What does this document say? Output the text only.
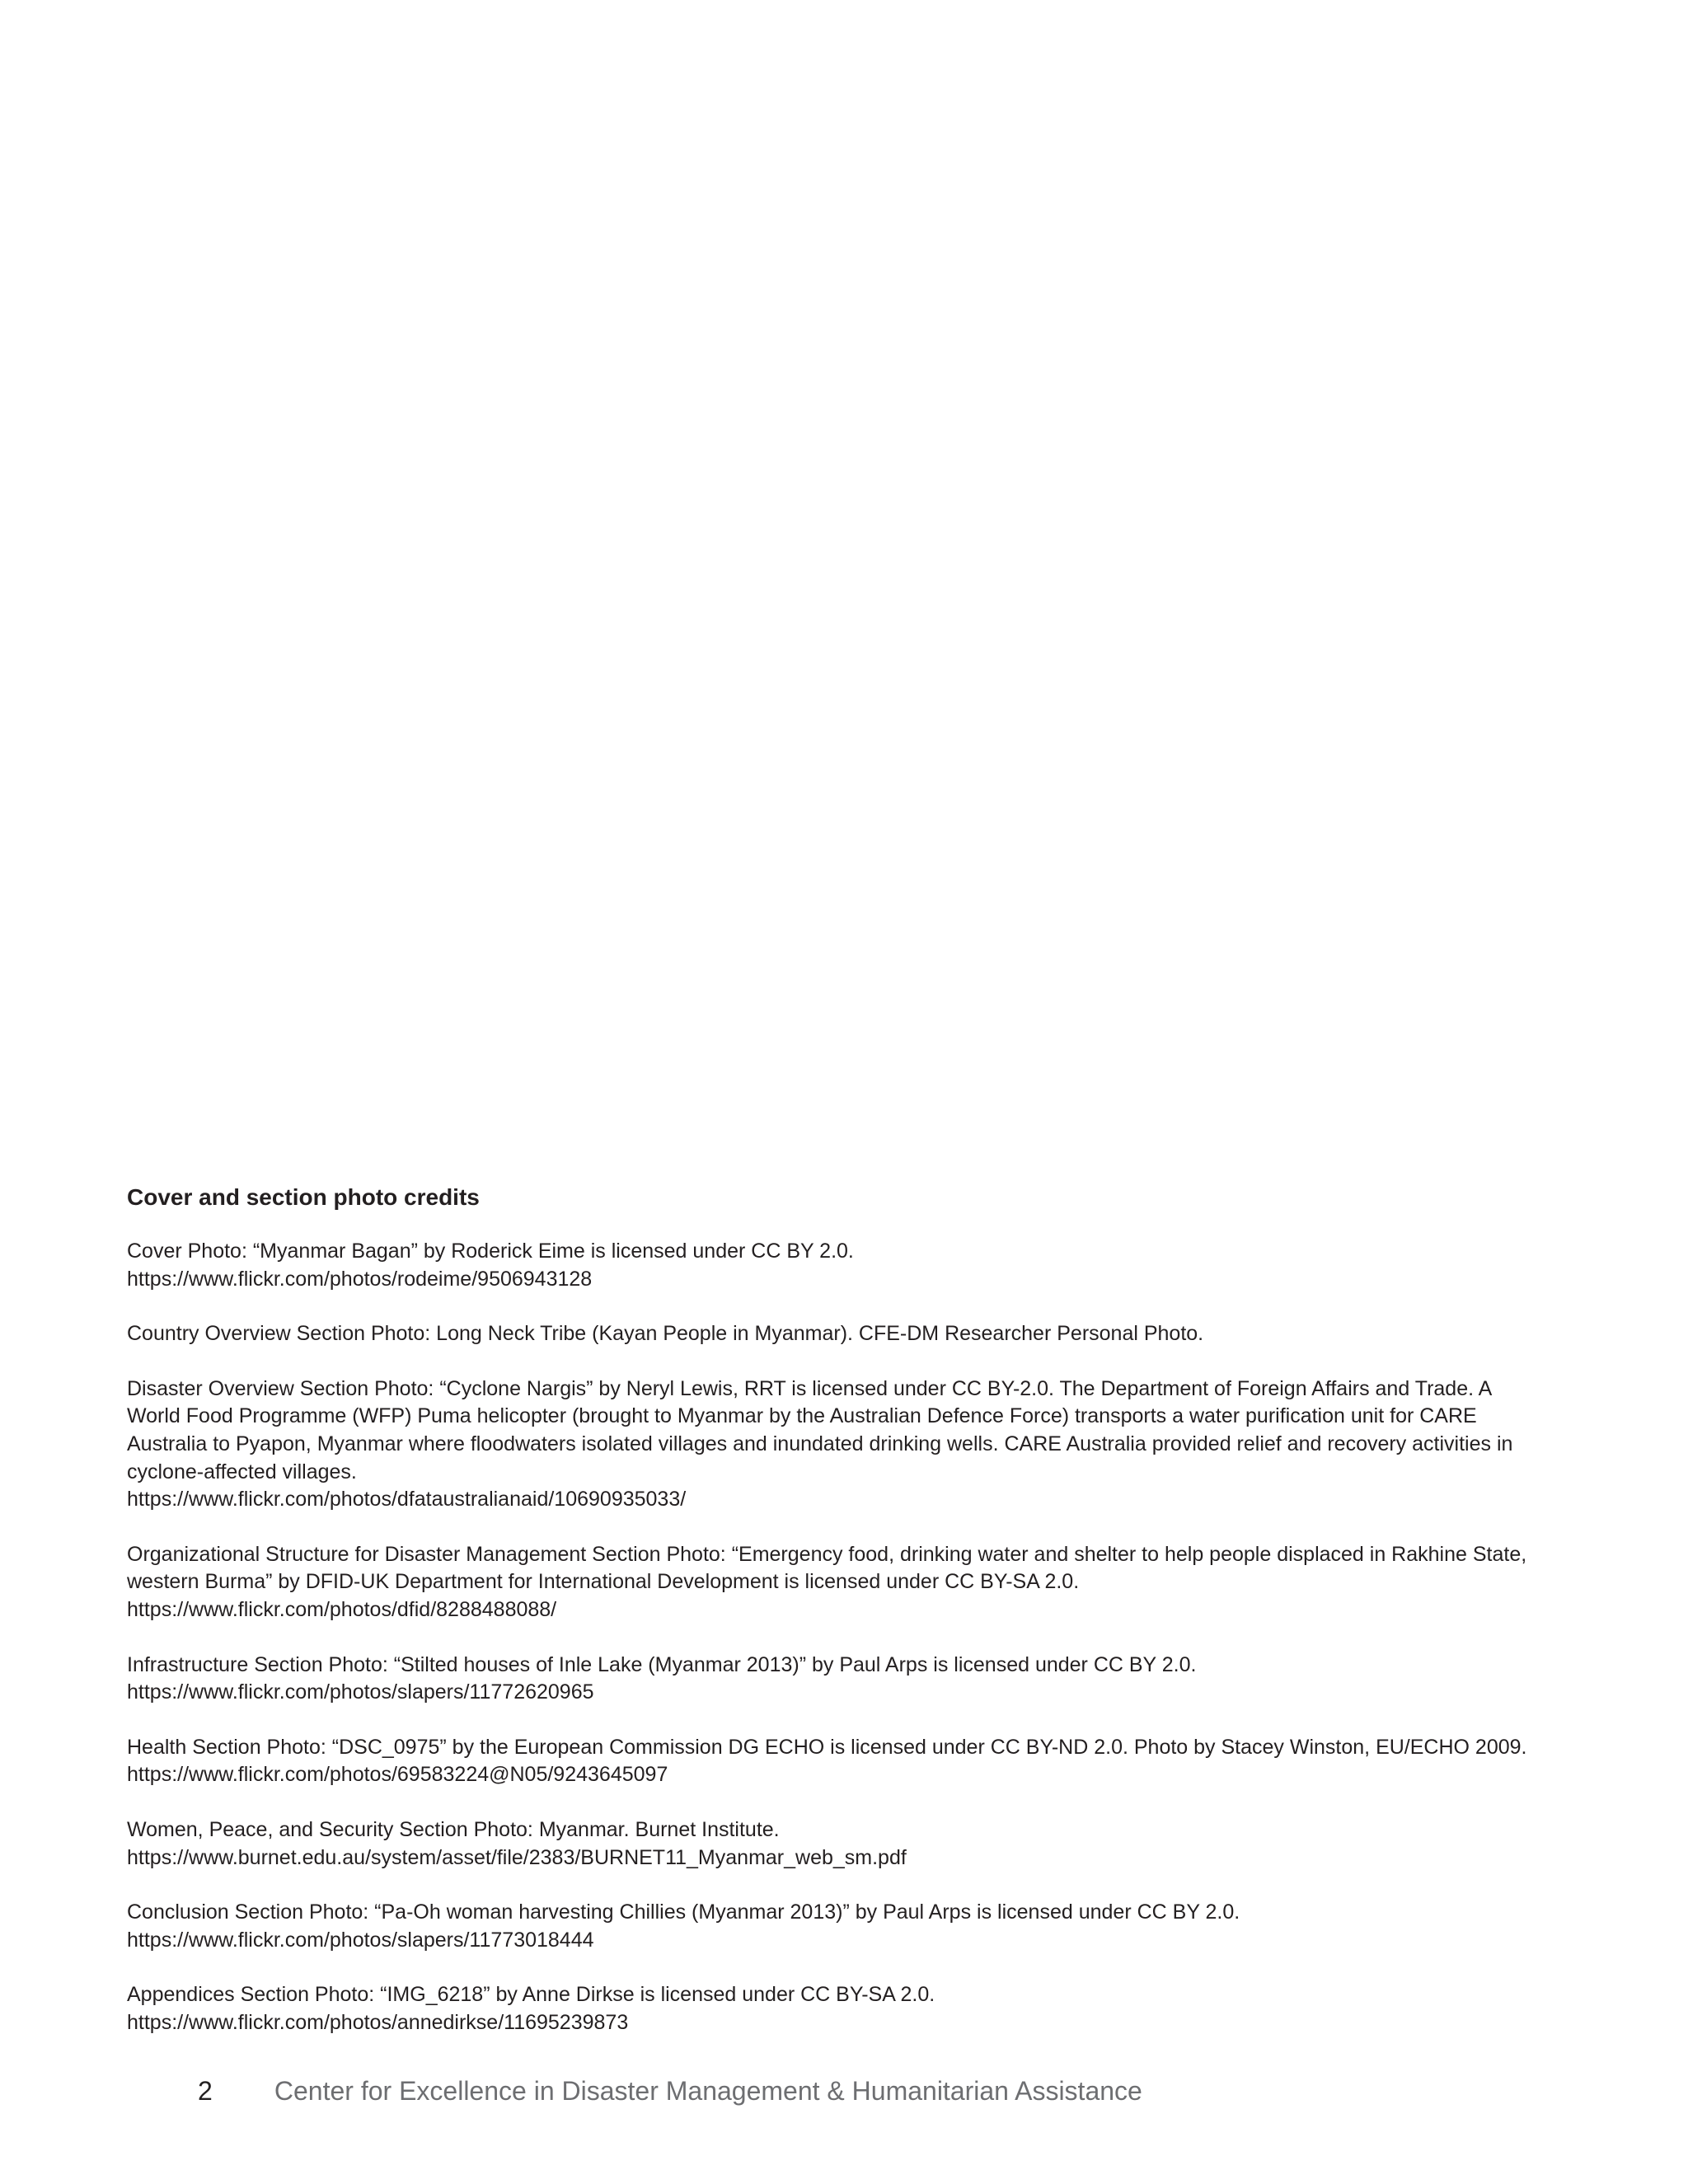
Cover and section photo credits

Cover Photo: “Myanmar Bagan” by Roderick Eime is licensed under CC BY 2.0.

https://www.flickr.com/photos/rodeime/9506943128

Country Overview Section Photo: Long Neck Tribe (Kayan People in Myanmar). CFE-DM Researcher Personal Photo.

Disaster Overview Section Photo: “Cyclone Nargis” by Neryl Lewis, RRT is licensed under CC BY-2.0. The Department of Foreign Affairs and Trade. A World Food Programme (WFP) Puma helicopter (brought to Myanmar by the Australian Defence Force) transports a water purification unit for CARE Australia to Pyapon, Myanmar where floodwaters isolated villages and inundated drinking wells. CARE Australia provided relief and recovery activities in cyclone-affected villages.

https://www.flickr.com/photos/dfataustralianaid/10690935033/

Organizational Structure for Disaster Management Section Photo: “Emergency food, drinking water and shelter to help people displaced in Rakhine State, western Burma” by DFID-UK Department for International Development is licensed under CC BY-SA 2.0.

https://www.flickr.com/photos/dfid/8288488088/

Infrastructure Section Photo: “Stilted houses of Inle Lake (Myanmar 2013)” by Paul Arps is licensed under CC BY 2.0.

https://www.flickr.com/photos/slapers/11772620965

Health Section Photo: “DSC_0975” by the European Commission DG ECHO is licensed under CC BY-ND 2.0. Photo by Stacey Winston, EU/ECHO 2009.

https://www.flickr.com/photos/69583224@N05/9243645097

Women, Peace, and Security Section Photo: Myanmar. Burnet Institute.

https://www.burnet.edu.au/system/asset/file/2383/BURNET11_Myanmar_web_sm.pdf

Conclusion Section Photo: “Pa-Oh woman harvesting Chillies (Myanmar 2013)” by Paul Arps is licensed under CC BY 2.0.

https://www.flickr.com/photos/slapers/11773018444

Appendices Section Photo: “IMG_6218” by Anne Dirkse is licensed under CC BY-SA 2.0.

https://www.flickr.com/photos/annedirkse/11695239873

2 Center for Excellence in Disaster Management & Humanitarian Assistance
